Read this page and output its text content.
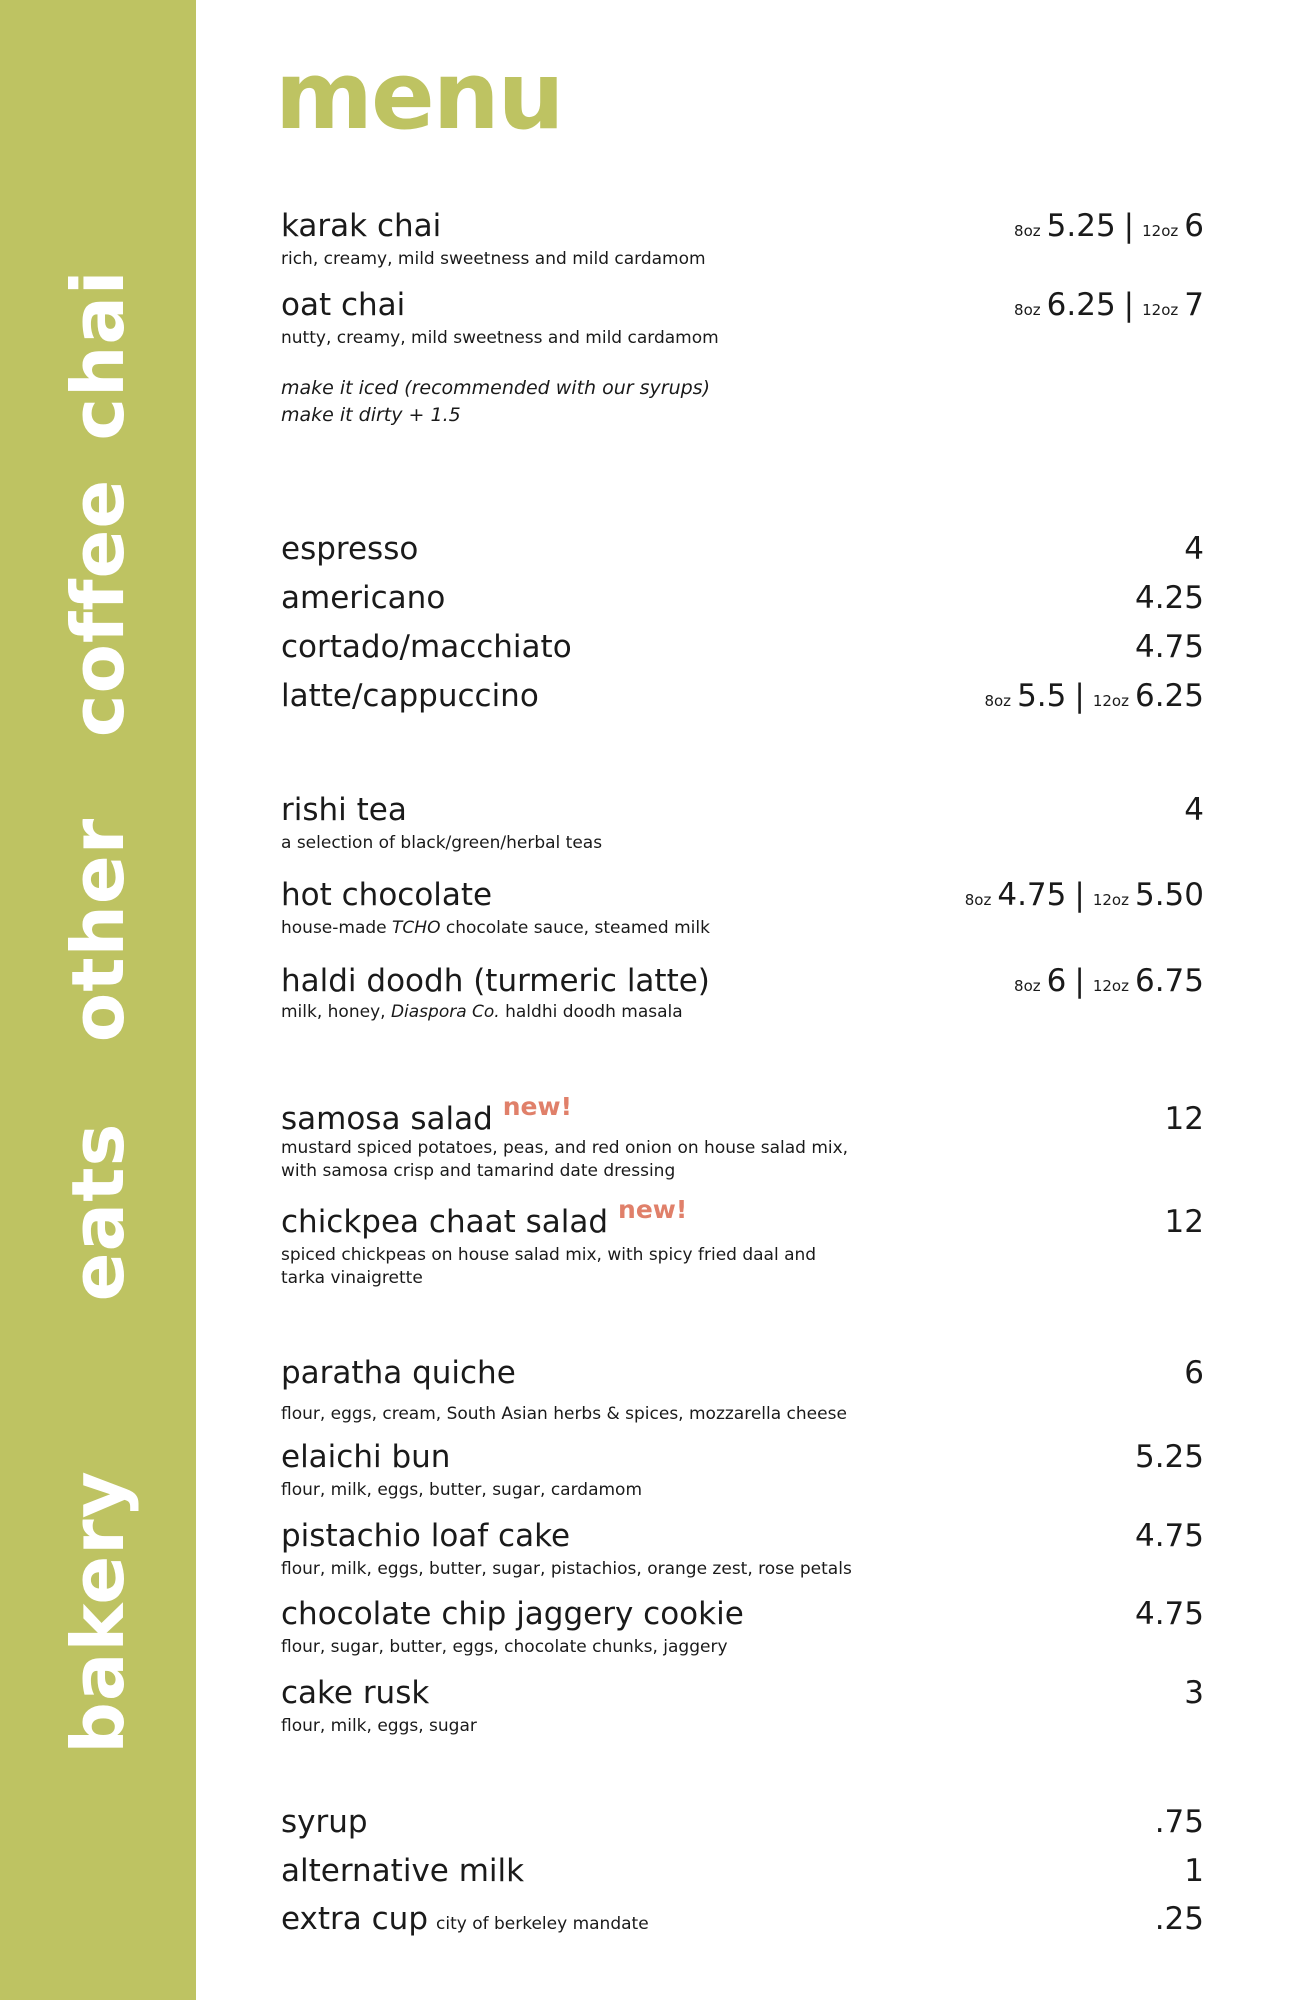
chai
coffee
other
eats
bakery
menu
karak chai	8oz 5.25 | 12oz 6
rich, creamy, mild sweetness and mild cardamom
oat chai	8oz 6.25 | 12oz 7
nutty, creamy, mild sweetness and mild cardamom
make it iced (recommended with our syrups)
make it dirty + 1.5
espresso	4
americano	4.25
cortado/macchiato	4.75
latte/cappuccino	8oz 5.5 | 12oz 6.25
rishi tea	4
a selection of black/green/herbal teas
hot chocolate	8oz 4.75 | 12oz 5.50
house-made TCHO chocolate sauce, steamed milk
haldi doodh (turmeric latte)	8oz 6 | 12oz 6.75
milk, honey, Diaspora Co. haldhi doodh masala
samosa salad $^{new!}$	12
mustard spiced potatoes, peas, and red onion on house salad mix,
with samosa crisp and tamarind date dressing
chickpea chaat salad $^{new!}$	12
spiced chickpeas on house salad mix, with spicy fried daal and
tarka vinaigrette
paratha quiche	6
flour, eggs, cream, South Asian herbs & spices, mozzarella cheese
elaichi bun	5.25
flour, milk, eggs, butter, sugar, cardamom
pistachio loaf cake	4.75
flour, milk, eggs, butter, sugar, pistachios, orange zest, rose petals
chocolate chip jaggery cookie	4.75
flour, sugar, butter, eggs, chocolate chunks, jaggery
cake rusk	3
flour, milk, eggs, sugar
syrup	.75
alternative milk	1
extra cup city of berkeley mandate	.25
